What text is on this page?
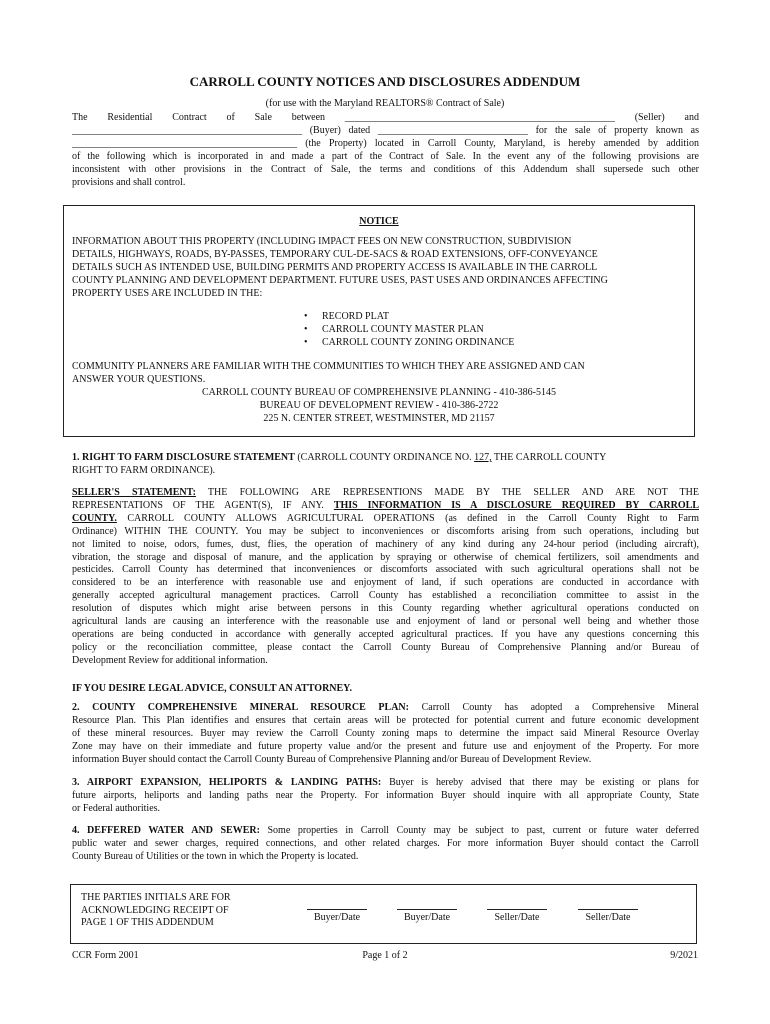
CARROLL COUNTY NOTICES AND DISCLOSURES ADDENDUM
(for use with the Maryland REALTORS® Contract of Sale)
The Residential Contract of Sale between ______________________________________________________ (Seller) and
______________________________________________ (Buyer) dated ______________________________ for the sale of property known as
_____________________________________________ (the Property) located in Carroll County, Maryland, is hereby amended by addition
of the following which is incorporated in and made a part of the Contract of Sale. In the event any of the following provisions are
inconsistent with other provisions in the Contract of Sale, the terms and conditions of this Addendum shall supersede such other
provisions and shall control.
NOTICE
INFORMATION ABOUT THIS PROPERTY (INCLUDING IMPACT FEES ON NEW CONSTRUCTION, SUBDIVISION
DETAILS, HIGHWAYS, ROADS, BY-PASSES, TEMPORARY CUL-DE-SACS & ROAD EXTENSIONS, OFF-CONVEYANCE
DETAILS SUCH AS INTENDED USE, BUILDING PERMITS AND PROPERTY ACCESS IS AVAILABLE IN THE CARROLL
COUNTY PLANNING AND DEVELOPMENT DEPARTMENT. FUTURE USES, PAST USES AND ORDINANCES AFFECTING
PROPERTY USES ARE INCLUDED IN THE:
• RECORD PLAT
• CARROLL COUNTY MASTER PLAN
• CARROLL COUNTY ZONING ORDINANCE
COMMUNITY PLANNERS ARE FAMILIAR WITH THE COMMUNITIES TO WHICH THEY ARE ASSIGNED AND CAN
ANSWER YOUR QUESTIONS.
CARROLL COUNTY BUREAU OF COMPREHENSIVE PLANNING - 410-386-5145
BUREAU OF DEVELOPMENT REVIEW - 410-386-2722
225 N. CENTER STREET, WESTMINSTER, MD 21157
1. RIGHT TO FARM DISCLOSURE STATEMENT (CARROLL COUNTY ORDINANCE NO. 127, THE CARROLL COUNTY
RIGHT TO FARM ORDINANCE).
SELLER'S STATEMENT: THE FOLLOWING ARE REPRESENTIONS MADE BY THE SELLER AND ARE NOT THE
REPRESENTATIONS OF THE AGENT(S), IF ANY. THIS INFORMATION IS A DISCLOSURE REQUIRED BY CARROLL
COUNTY. CARROLL COUNTY ALLOWS AGRICULTURAL OPERATIONS (as defined in the Carroll County Right to Farm
Ordinance) WITHIN THE COUNTY. You may be subject to inconveniences or discomforts arising from such operations, including but
not limited to noise, odors, fumes, dust, flies, the operation of machinery of any kind during any 24-hour period (including aircraft),
vibration, the storage and disposal of manure, and the application by spraying or otherwise of chemical fertilizers, soil amendments and
pesticides. Carroll County has determined that inconveniences or discomforts associated with such agricultural operations shall not be
considered to be an interference with reasonable use and enjoyment of land, if such operations are conducted in accordance with
generally accepted agricultural management practices. Carroll County has established a reconciliation committee to assist in the
resolution of disputes which might arise between persons in this County regarding whether agricultural operations conducted on
agricultural lands are causing an interference with the reasonable use and enjoyment of land or personal well being and whether those
operations are being conducted in accordance with generally accepted agricultural practices. If you have any questions concerning this
policy or the reconciliation committee, please contact the Carroll County Bureau of Comprehensive Planning and/or Bureau of
Development Review for additional information.
IF YOU DESIRE LEGAL ADVICE, CONSULT AN ATTORNEY.
2. COUNTY COMPREHENSIVE MINERAL RESOURCE PLAN: Carroll County has adopted a Comprehensive Mineral
Resource Plan. This Plan identifies and ensures that certain areas will be protected for potential current and future economic development
of these mineral resources. Buyer may review the Carroll County zoning maps to determine the impact said Mineral Resource Overlay
Zone may have on their immediate and future property value and/or the present and future use and enjoyment of the Property. For more
information Buyer should contact the Carroll County Bureau of Comprehensive Planning and/or Bureau of Development Review.
3. AIRPORT EXPANSION, HELIPORTS & LANDING PATHS: Buyer is hereby advised that there may be existing or plans for
future airports, heliports and landing paths near the Property. For information Buyer should inquire with all appropriate County, State
or Federal authorities.
4. DEFFERED WATER AND SEWER: Some properties in Carroll County may be subject to past, current or future water deferred
public water and sewer charges, required connections, and other related charges. For more information Buyer should contact the Carroll
County Bureau of Utilities or the town in which the Property is located.
THE PARTIES INITIALS ARE FOR
ACKNOWLEDGING RECEIPT OF
PAGE 1 OF THIS ADDENDUM	Buyer/Date	Buyer/Date	Seller/Date	Seller/Date
CCR Form 2001	Page 1 of 2	9/2021
